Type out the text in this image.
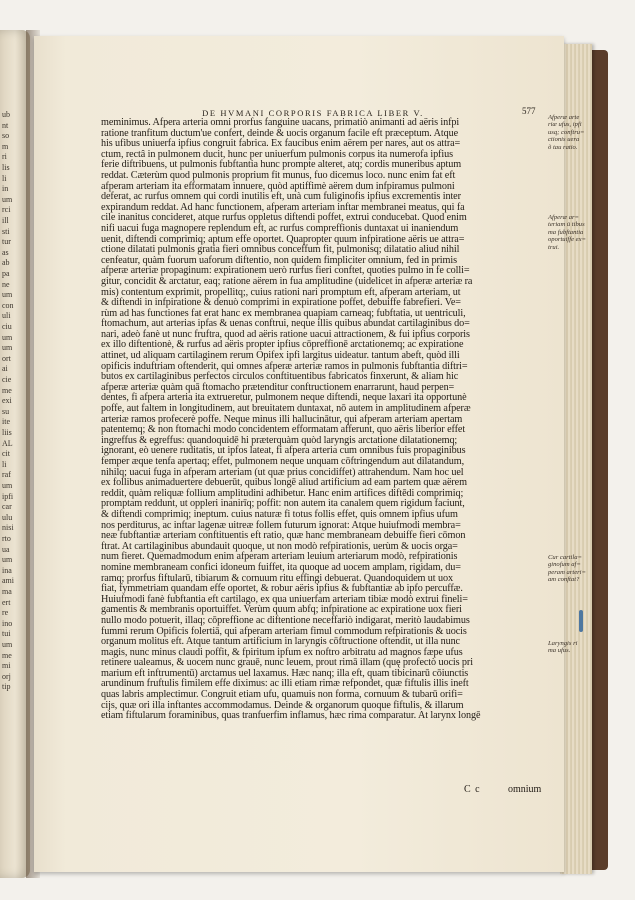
ub
nt
so
m
ri
lis
li
in
um
rci
ill
sti
tur
as
ab
pa
ne
um
con
uli
ciu
um
um
ort
ai
cie
me
exi
su
ite
liis
AL
cit
li
raf
um
ipfi
car
ulu
nisi
rto
ua
um
ina
ami
ma
ert
re
ino
tui
um
me
mi
orj
tip
DE HVMANI CORPORIS FABRICA LIBER V.	577
meminimus. Afpera arteria omni prorfus fanguine uacans, primatiò animanti ad aëris infpi
ratione tranfitum ductum'ue confert, deinde & uocis organum facile eft præceptum. Atque
his ufibus uniuerfa ipfius congruit fabrica. Ex faucibus enim aërem per nares, aut os attra=
ctum, rectâ in pulmonem ducit, hunc per uniuerfum pulmonis corpus ita numerofa ipfius
ferie diftribuens, ut pulmonis fubftantia hunc prompte alteret, atq; cordis muneribus aptum
reddat. Cæterùm quod pulmonis proprium fit munus, fuo dicemus loco. nunc enim fat eft
afperam arteriam ita efformatam innuere, quòd aptiffimè aërem dum infpiramus pulmoni
deferat, ac rurfus omnem qui cordi inutilis eft, unà cum fuliginofis ipfius excrementis inter
expirandum reddat. Ad hanc functionem, afperam arteriam inftar membranei meatus, qui fa
cile inanitus concideret, atque rurfus oppletus diftendi poffet, extrui conducebat. Quod enim
nifi uacui fuga magnopere replendum eft, ac rurfus compreffionis duntaxat ui inaniendum
uenit, diftendi comprimiq; aptum effe oportet. Quapropter quum infpiratione aëris ue attra=
ctione dilatati pulmonis gratia fieri omnibus conceffum fit, pulmonisq; dilatatio aliud nihil
cenfeatur, quàm fuorum uaforum diftentio, non quidem fimpliciter omnium, fed in primis
afperæ arteriæ propaginum: expirationem uerò rurfus fieri conftet, quoties pulmo in fe colli=
gitur, concidit & arctatur, eaq; ratione aërem in fua amplitudine (uidelicet in afperæ arteriæ ra
mis) contentum exprimit, propellitq;, cuius rationi nari promptum eft, afperam arteriam, ut
& diftendi in infpiratione & denuò comprimi in expiratione poffet, debuiffe fabrefieri. Ve=
rùm ad has functiones fat erat hanc ex membranea quapiam carneaq; fubftatia, ut uentriculi,
ftomachum, aut arterias ipfas & uenas conftrui, neque illis quibus abundat cartilaginibus do=
nari, adeò fanè ut nunc fruftra, quod ad aëris ratione uacui attractionem, & fui ipfius corporis
ex illo diftentionè, & rurfus ad aëris propter ipfius cōpreffionē arctationemq; ac expiratione
attinet, ud aliquam cartilaginem rerum Opifex ipfi largitus uideatur. tantum abeft, quòd illi
opificis induftriam oftenderit, qui omnes afperæ arteriæ ramos in pulmonis fubftantia diftri=
butos ex cartilaginibus perfectos circulos conftituentibus fabricatos finxerunt, & aliam hic
afperæ arteriæ quàm quā ftomacho prætenditur conftructionem enarrarunt, haud perpen=
dentes, fi afpera arteria ita extrueretur, pulmonem neque diftendi, neque laxari ita opportunè
poffe, aut faltem in longitudinem, aut breuitatem duntaxat, nō autem in amplitudinem afperæ
arteriæ ramos profecerè poffe. Neque minus illi hallucinātur, qui afperam arteriam apertam
patentemq; & non ftomachi modo concidentem efformatam afferunt, quo aëris liberior effet
ingreffus & egreffus: quandoquidē hi præterquàm quòd laryngis arctatione dilatationemq;
ignorant, eò uenere ruditatis, ut ipfos lateat, fi afpera arteria cum omnibus fuis propaginibus
femper æque tenfa apertaq; effet, pulmonem neque unquam cōftringendum aut dilatandum,
nihilq; uacui fuga in afperam arteriam (ut quæ prius concidiffet) attrahendum. Nam hoc uel
ex follibus animaduertere debuerūt, quibus longē aliud artificium ad eam partem quæ aërem
reddit, quàm reliquæ follium amplitudini adhibetur. Hanc enim artifices diftēdi comprimiq;
promptam reddunt, ut oppleri inanirīq; poffit: non autem ita canalem quem rigidum faciunt,
& diftendi comprimiq; ineptum. cuius naturæ fi totus follis effet, quis omnem ipfius ufum
nos perditurus, ac inftar lagenæ uitreæ follem futurum ignorat: Atque huiufmodi membra=
neæ fubftantiæ arteriam conftituentis eft ratio, quæ hanc membraneam debuiffe fieri cōmon
ftrat. At cartilaginibus abundauit quoque, ut non modò refpirationis, uerùm & uocis orga=
num fieret. Quemadmodum enim afperam arteriam leuium arteriarum modò, refpirationis
nomine membraneam confici idoneum fuiffet, ita quoque ad uocem amplam, rigidam, du=
ramq; prorfus fiftularū, tibiarum & cornuum ritu effingi debuerat. Quandoquidem ut uox
fiat, fymmetriam quandam effe oportet, & robur aëris ipfius & fubftantiæ ab ipfo percuffæ.
Huiufmodi fanè fubftantia eft cartilago, ex qua uniuerfam arteriam tibiæ modò extrui fineli=
gamentis & membranis oportuiffet. Verùm quum abfq; infpiratione ac expiratione uox fieri
nullo modo potuerit, illaq; cōpreffione ac diftentione neceffariò indigarat, meritò laudabimus
fummi rerum Opificis folertiā, qui afperam arteriam fimul commodum refpirationis & uocis
organum molitus eft. Atque tantum artificium in laryngis cōftructione oftendit, ut illa nunc
magis, nunc minus claudi poffit, & fpiritum ipfum ex noftro arbitratu ad magnos fæpe ufus
retinere ualeamus, & uocem nunc grauē, nunc leuem, prout rimā illam (quę profectò uocis pri
marium eft inftrumentū) arctamus uel laxamus. Hæc nanq; illa eft, quam tibicinarū cōiunctis
arundinum fruftulis fimilem effe diximus: ac illi etiam rimæ refpondet, quæ fiftulis illis ineft
quas labris amplectimur. Congruit etiam ufu, quamuis non forma, cornuum & tubarū orifi=
cijs, quæ ori illa inftantes accommodamus. Deinde & organorum quoque fiftulis, & illarum
etiam fiftularum foraminibus, quas tranfuerfim inflamus, hæc rima comparatur. At larynx longē
Afperæ arte
riæ ufus, ipfi
usq; conftru=
ctionis uera
õ tau ratio.
Afperæ ar=
teriam ū tibus
ma fubftantia
oportuiffe ex=
trui.
Cur cartila=
ginofum af=
peram arteri=
am conftat?
Laryngis ri
ma ufus.
C c	omnium
